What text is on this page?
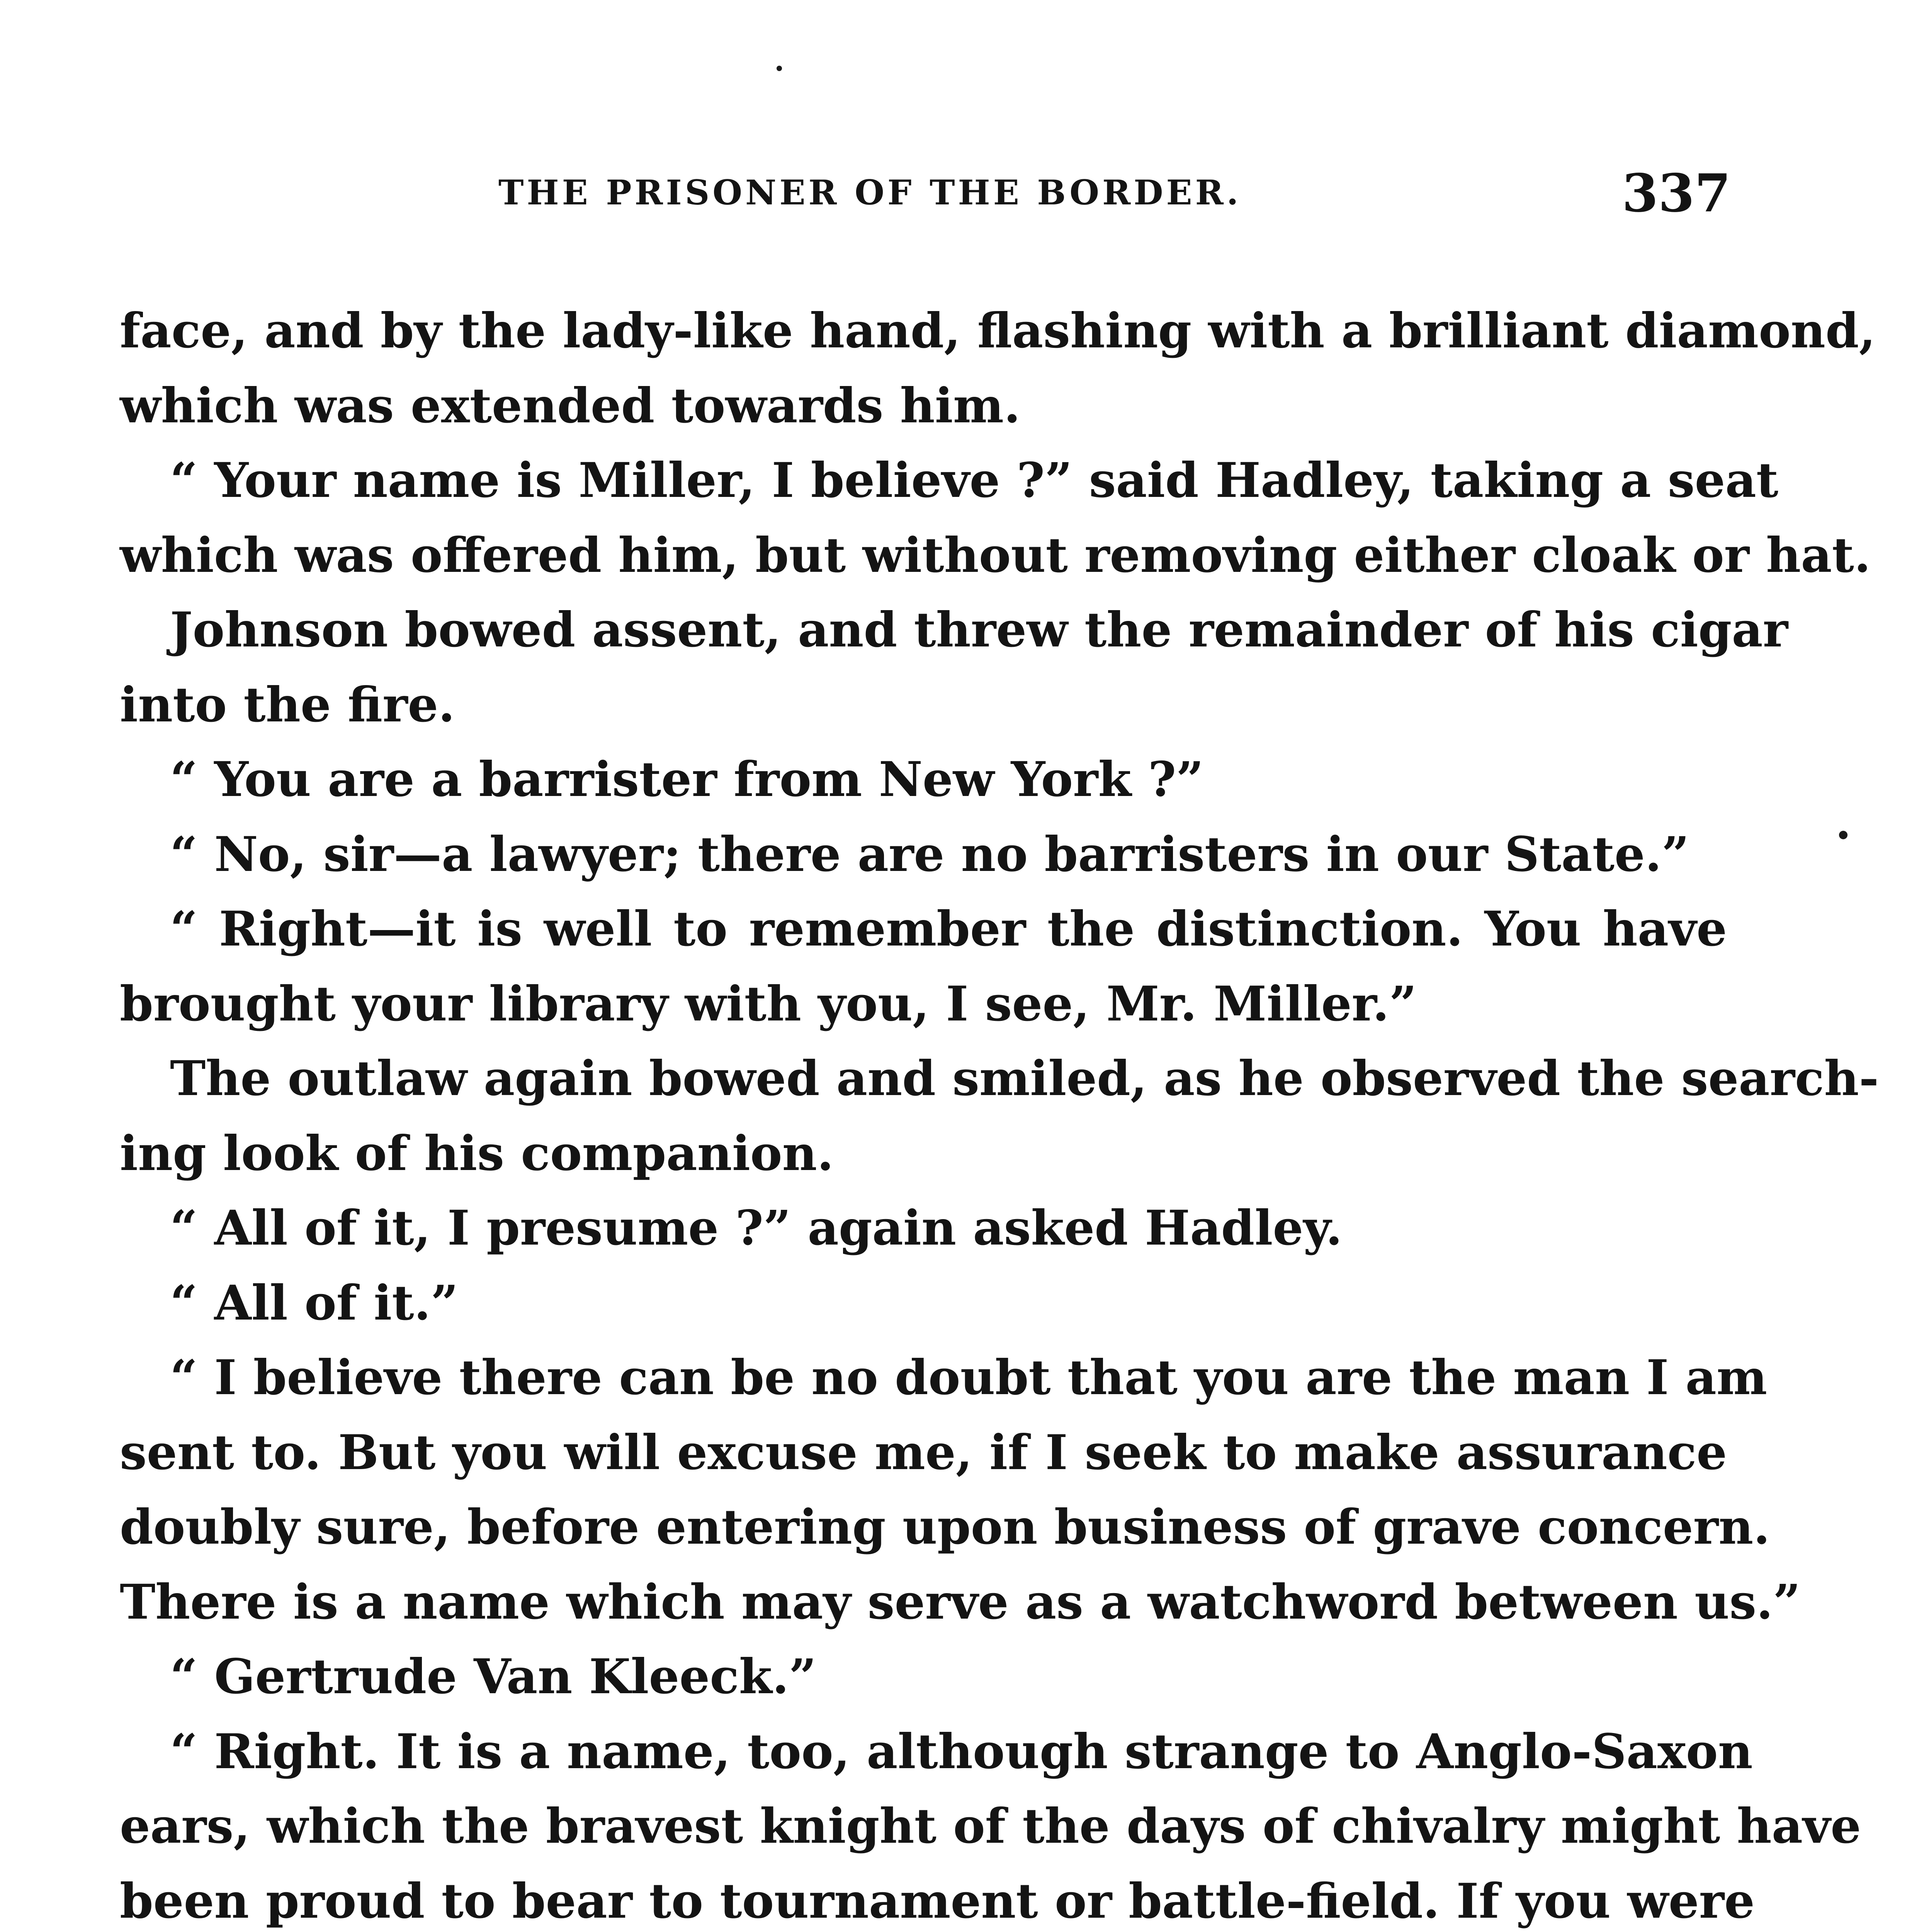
THE PRISONER OF THE BORDER.	337
face, and by the lady-like hand, flashing with a brilliant diamond,
which was extended towards him.
“ Your name is Miller, I believe ?” said Hadley, taking a seat
which was offered him, but without removing either cloak or hat.
Johnson bowed assent, and threw the remainder of his cigar
into the fire.
“ You are a barrister from New York ?”
“ No, sir—a lawyer; there are no barristers in our State.”
“ Right—it is well to remember the distinction. You have
brought your library with you, I see, Mr. Miller.”
The outlaw again bowed and smiled, as he observed the search-
ing look of his companion.
“ All of it, I presume ?” again asked Hadley.
“ All of it.”
“ I believe there can be no doubt that you are the man I am
sent to. But you will excuse me, if I seek to make assurance
doubly sure, before entering upon business of grave concern.
There is a name which may serve as a watchword between us.”
“ Gertrude Van Kleeck.”
“ Right. It is a name, too, although strange to Anglo-Saxon
ears, which the bravest knight of the days of chivalry might have
been proud to bear to tournament or battle-field. If you were
